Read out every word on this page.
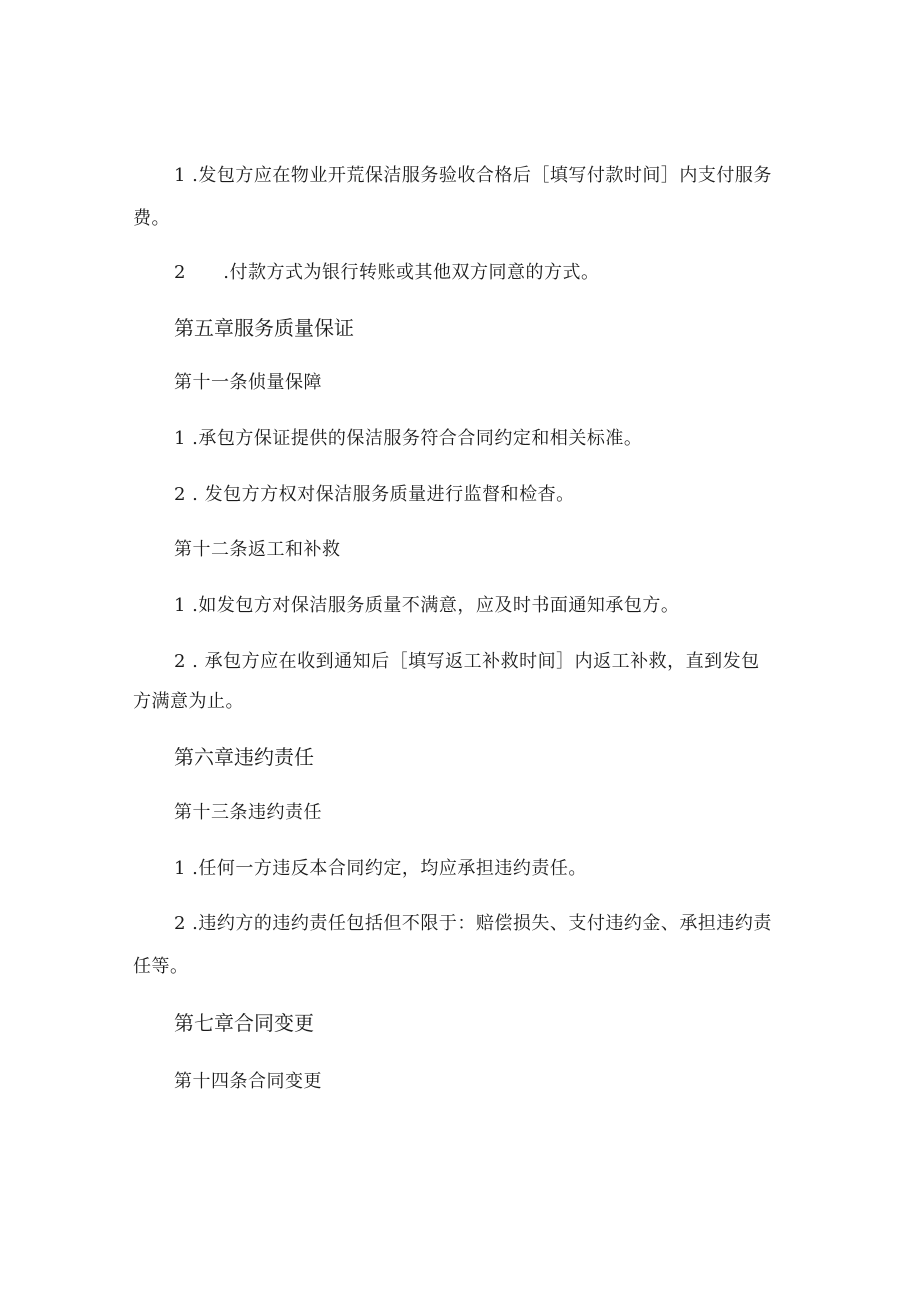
1 .发包方应在物业开荒保洁服务验收合格后［填写付款时间］内支付服务
费。
2      .付款方式为银行转账或其他双方同意的方式。
第五章服务质量保证
第十一条侦量保障
1 .承包方保证提供的保洁服务符合合同约定和相关标准。
2 . 发包方方权对保洁服务质量进行监督和检杳。
第十二条返工和补救
1 .如发包方对保洁服务质量不满意，应及时书面通知承包方。
2 . 承包方应在收到通知后［填写返工补救时间］内返工补救，直到发包
方满意为止。
第六章违约责任
第十三条违约责任
1 .任何一方违反本合同约定，均应承担违约责任。
2 .违约方的违约责任包括但不限于：赔偿损失、支付违约金、承担违约责
任等。
第七章合同变更
第十四条合同变更
